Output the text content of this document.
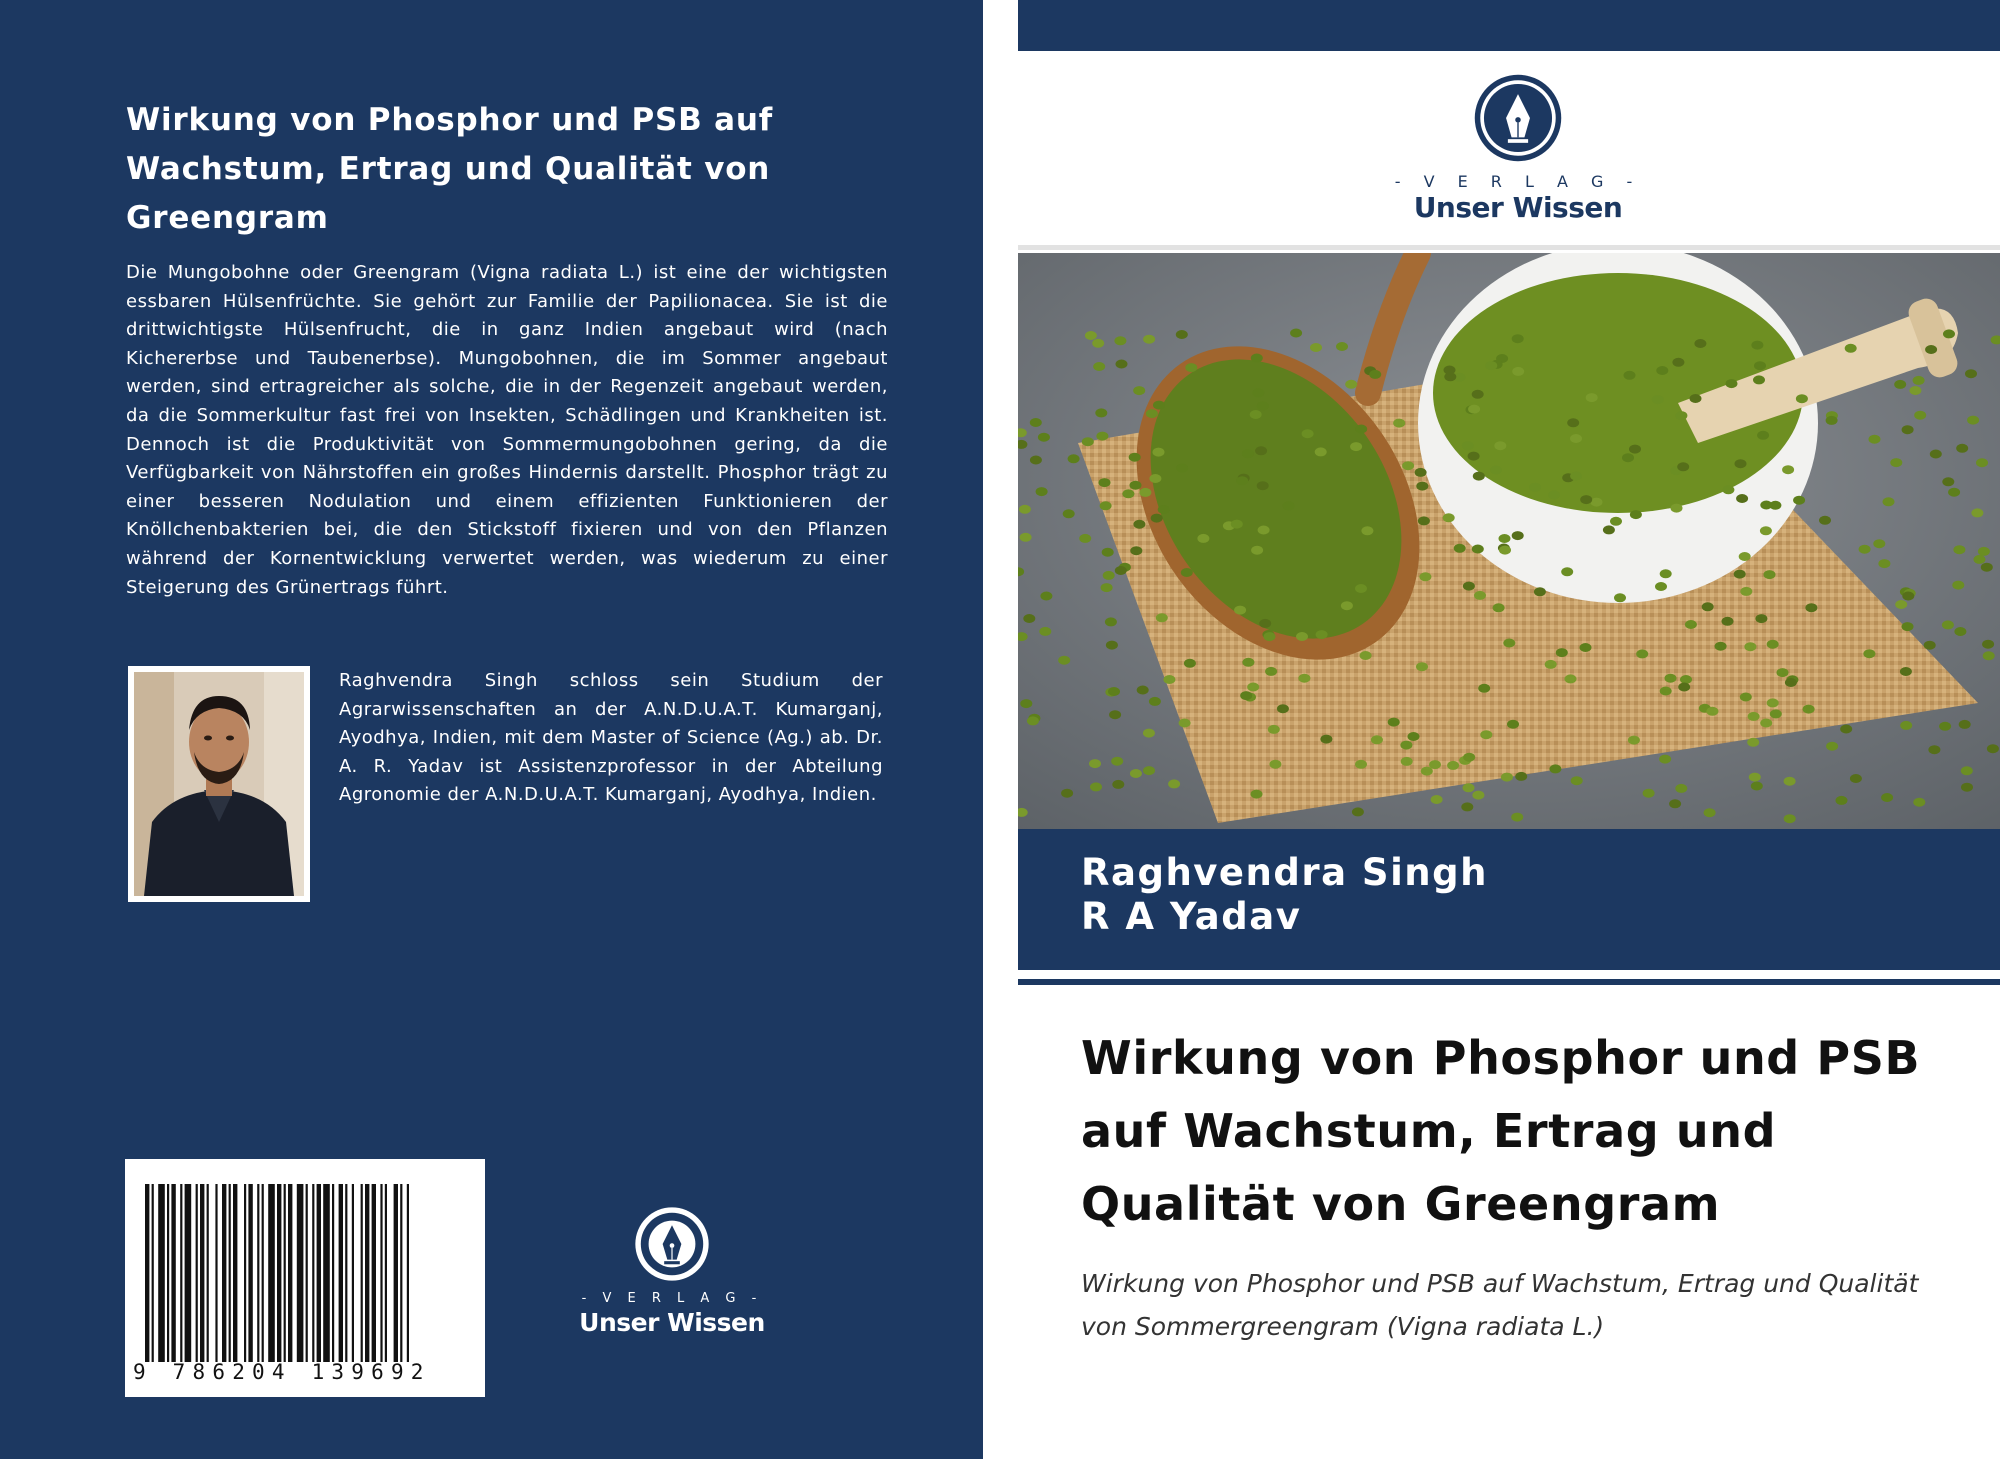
Wirkung von Phosphor und PSB auf Wachstum, Ertrag und Qualität von Greengram
Die Mungobohne oder Greengram (Vigna radiata L.) ist eine der wichtigsten essbaren Hülsenfrüchte. Sie gehört zur Familie der Papilionacea. Sie ist die drittwichtigste Hülsenfrucht, die in ganz Indien angebaut wird (nach Kichererbse und Taubenerbse). Mungobohnen, die im Sommer angebaut werden, sind ertragreicher als solche, die in der Regenzeit angebaut werden, da die Sommerkultur fast frei von Insekten, Schädlingen und Krankheiten ist. Dennoch ist die Produktivität von Sommermungobohnen gering, da die Verfügbarkeit von Nährstoffen ein großes Hindernis darstellt. Phosphor trägt zu einer besseren Nodulation und einem effizienten Funktionieren der Knöllchenbakterien bei, die den Stickstoff fixieren und von den Pflanzen während der Kornentwicklung verwertet werden, was wiederum zu einer Steigerung des Grünertrags führt.
Raghvendra Singh schloss sein Studium der Agrarwissenschaften an der A.N.D.U.A.T. Kumarganj, Ayodhya, Indien, mit dem Master of Science (Ag.) ab. Dr. A. R. Yadav ist Assistenzprofessor in der Abteilung Agronomie der A.N.D.U.A.T. Kumarganj, Ayodhya, Indien.
9 786204 139692
- V E R L A G -
Unser Wissen
- V E R L A G -
Unser Wissen
Raghvendra Singh
R A Yadav
Wirkung von Phosphor und PSB auf Wachstum, Ertrag und Qualität von Greengram
Wirkung von Phosphor und PSB auf Wachstum, Ertrag und Qualität von Sommergreengram (Vigna radiata L.)
